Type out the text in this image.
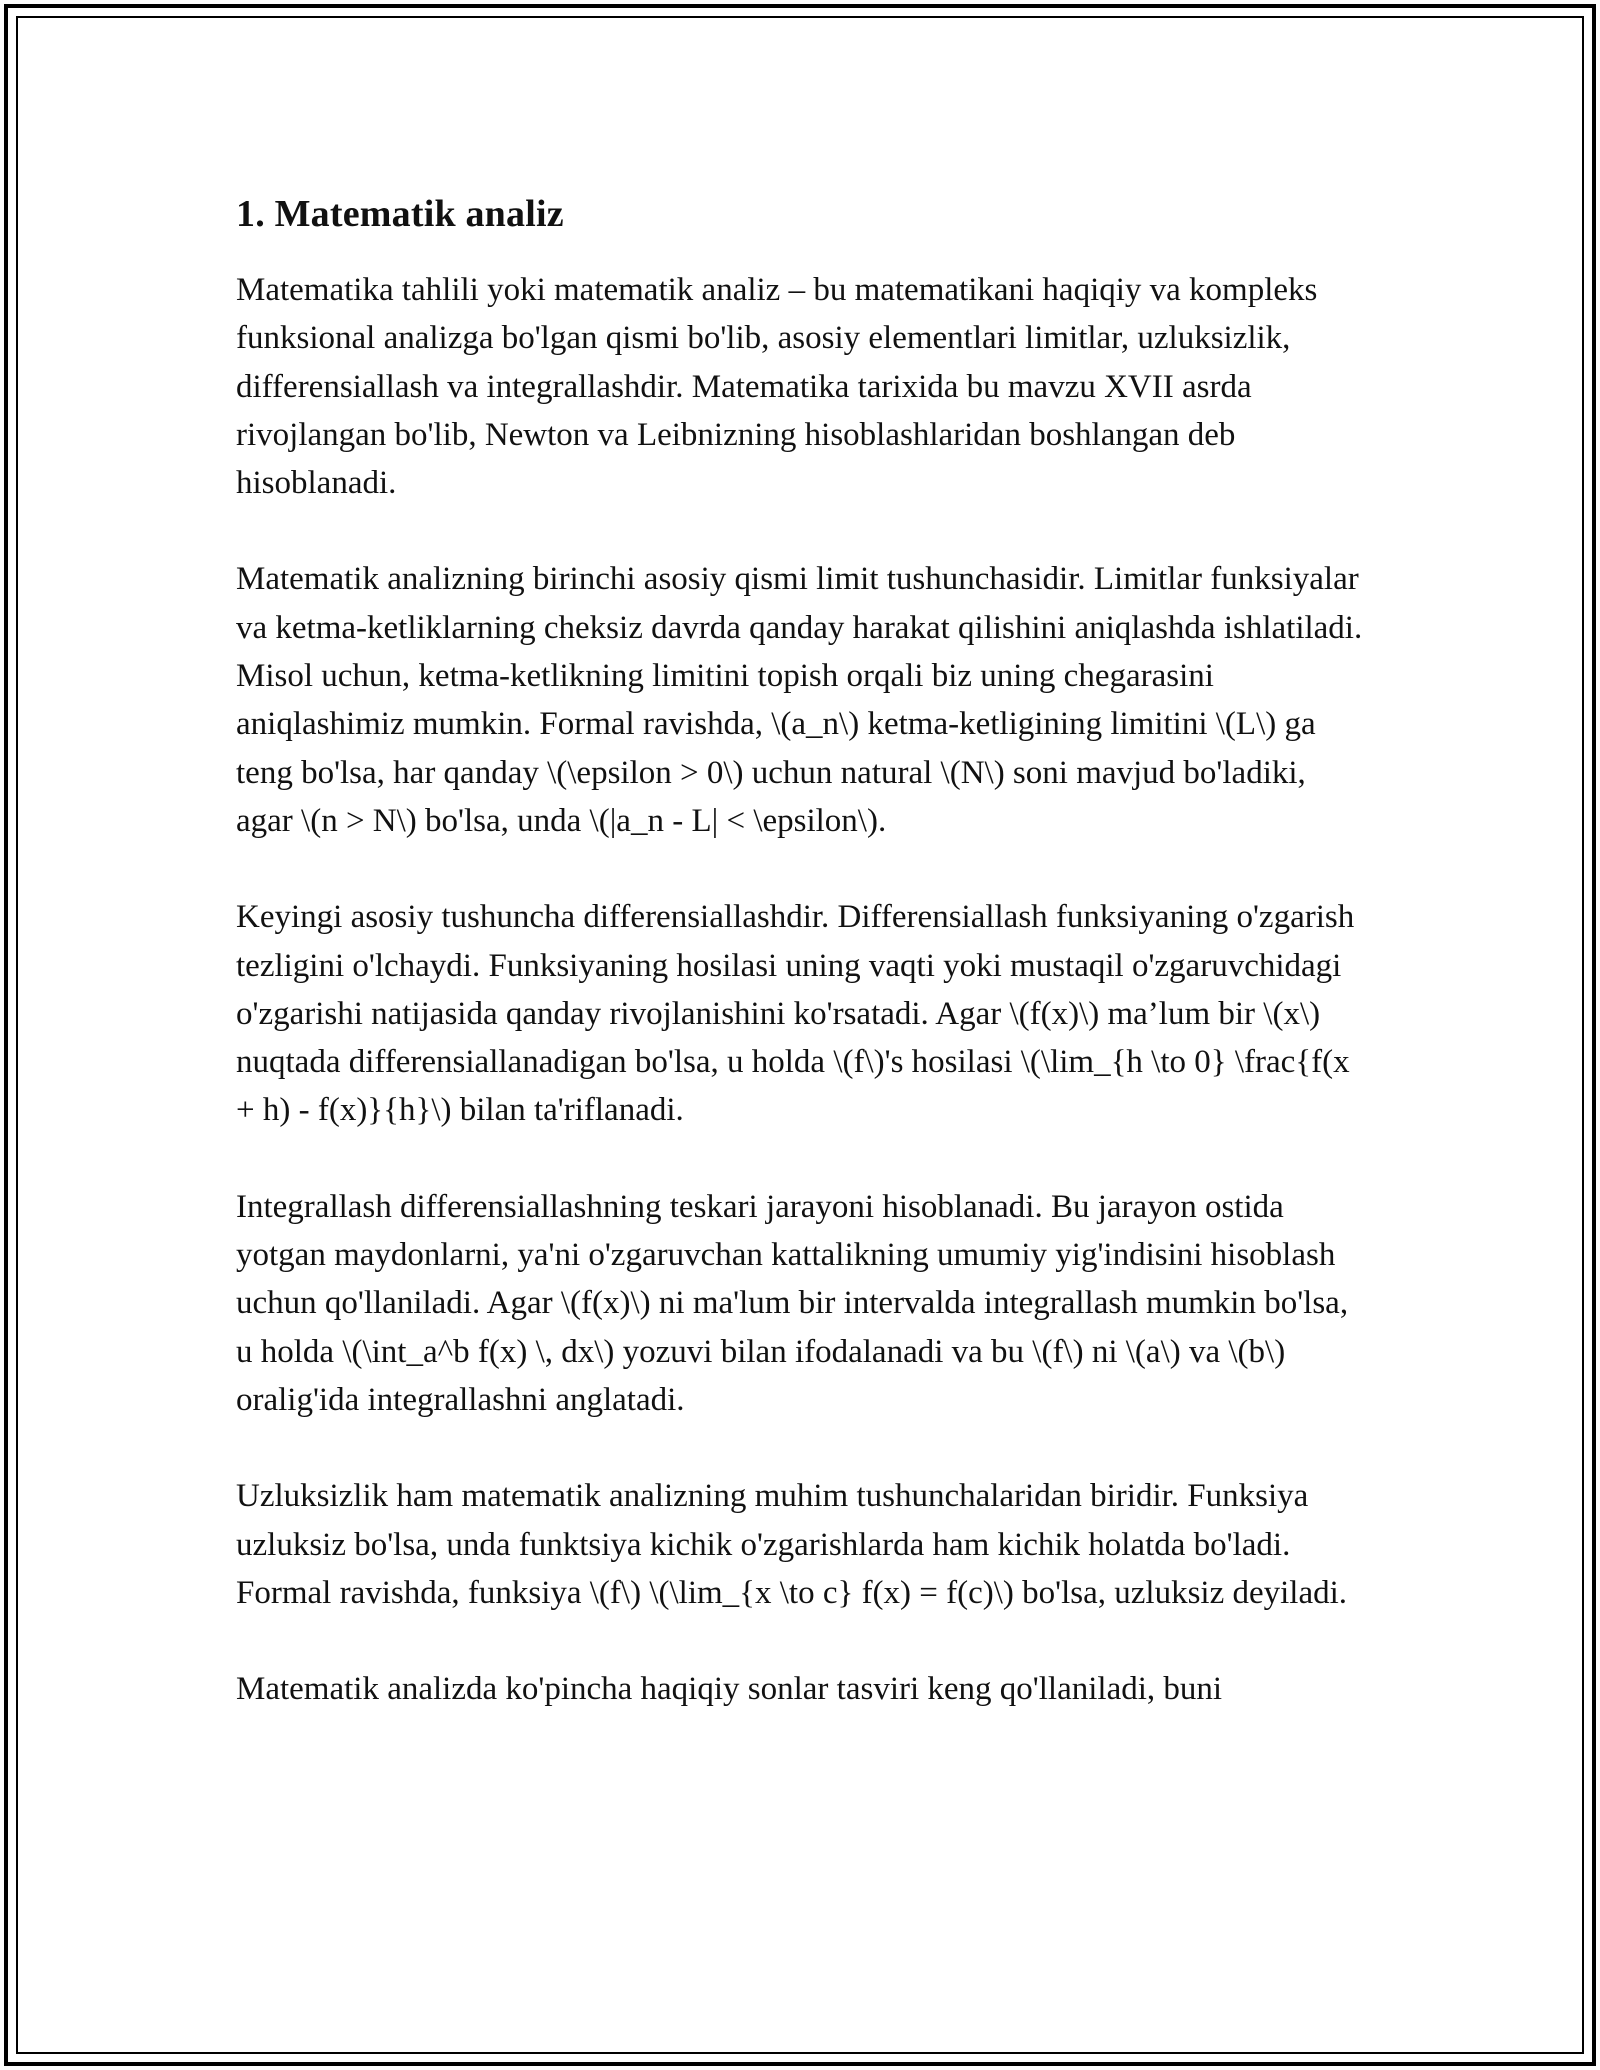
1. Matematik analiz

Matematika tahlili yoki matematik analiz – bu matematikani haqiqiy va kompleks funksional analizga bo'lgan qismi bo'lib, asosiy elementlari limitlar, uzluksizlik, differensiallash va integrallashdir. Matematika tarixida bu mavzu XVII asrda rivojlangan bo'lib, Newton va Leibnizning hisoblashlaridan boshlangan deb hisoblanadi.

Matematik analizning birinchi asosiy qismi limit tushunchasidir. Limitlar funksiyalar va ketma-ketliklarning cheksiz davrda qanday harakat qilishini aniqlashda ishlatiladi. Misol uchun, ketma-ketlikning limitini topish orqali biz uning chegarasini aniqlashimiz mumkin. Formal ravishda, \(a_n\) ketma-ketligining limitini \(L\) ga teng bo'lsa, har qanday \(\epsilon > 0\) uchun natural \(N\) soni mavjud bo'ladiki, agar \(n > N\) bo'lsa, unda \(|a_n - L| < \epsilon\).

Keyingi asosiy tushuncha differensiallashdir. Differensiallash funksiyaning o'zgarish tezligini o'lchaydi. Funksiyaning hosilasi uning vaqti yoki mustaqil o'zgaruvchidagi o'zgarishi natijasida qanday rivojlanishini ko'rsatadi. Agar \(f(x)\) ma’lum bir \(x\) nuqtada differensiallanadigan bo'lsa, u holda \(f\)'s hosilasi \(\lim_{h \to 0} \frac{f(x + h) - f(x)}{h}\) bilan ta'riflanadi.

Integrallash differensiallashning teskari jarayoni hisoblanadi. Bu jarayon ostida yotgan maydonlarni, ya'ni o'zgaruvchan kattalikning umumiy yig'indisini hisoblash uchun qo'llaniladi. Agar \(f(x)\) ni ma'lum bir intervalda integrallash mumkin bo'lsa, u holda \(\int_a^b f(x) \, dx\) yozuvi bilan ifodalanadi va bu \(f\) ni \(a\) va \(b\) oralig'ida integrallashni anglatadi.

Uzluksizlik ham matematik analizning muhim tushunchalaridan biridir. Funksiya uzluksiz bo'lsa, unda funktsiya kichik o'zgarishlarda ham kichik holatda bo'ladi. Formal ravishda, funksiya \(f\) \(\lim_{x \to c} f(x) = f(c)\) bo'lsa, uzluksiz deyiladi.

Matematik analizda ko'pincha haqiqiy sonlar tasviri keng qo'llaniladi, buni
